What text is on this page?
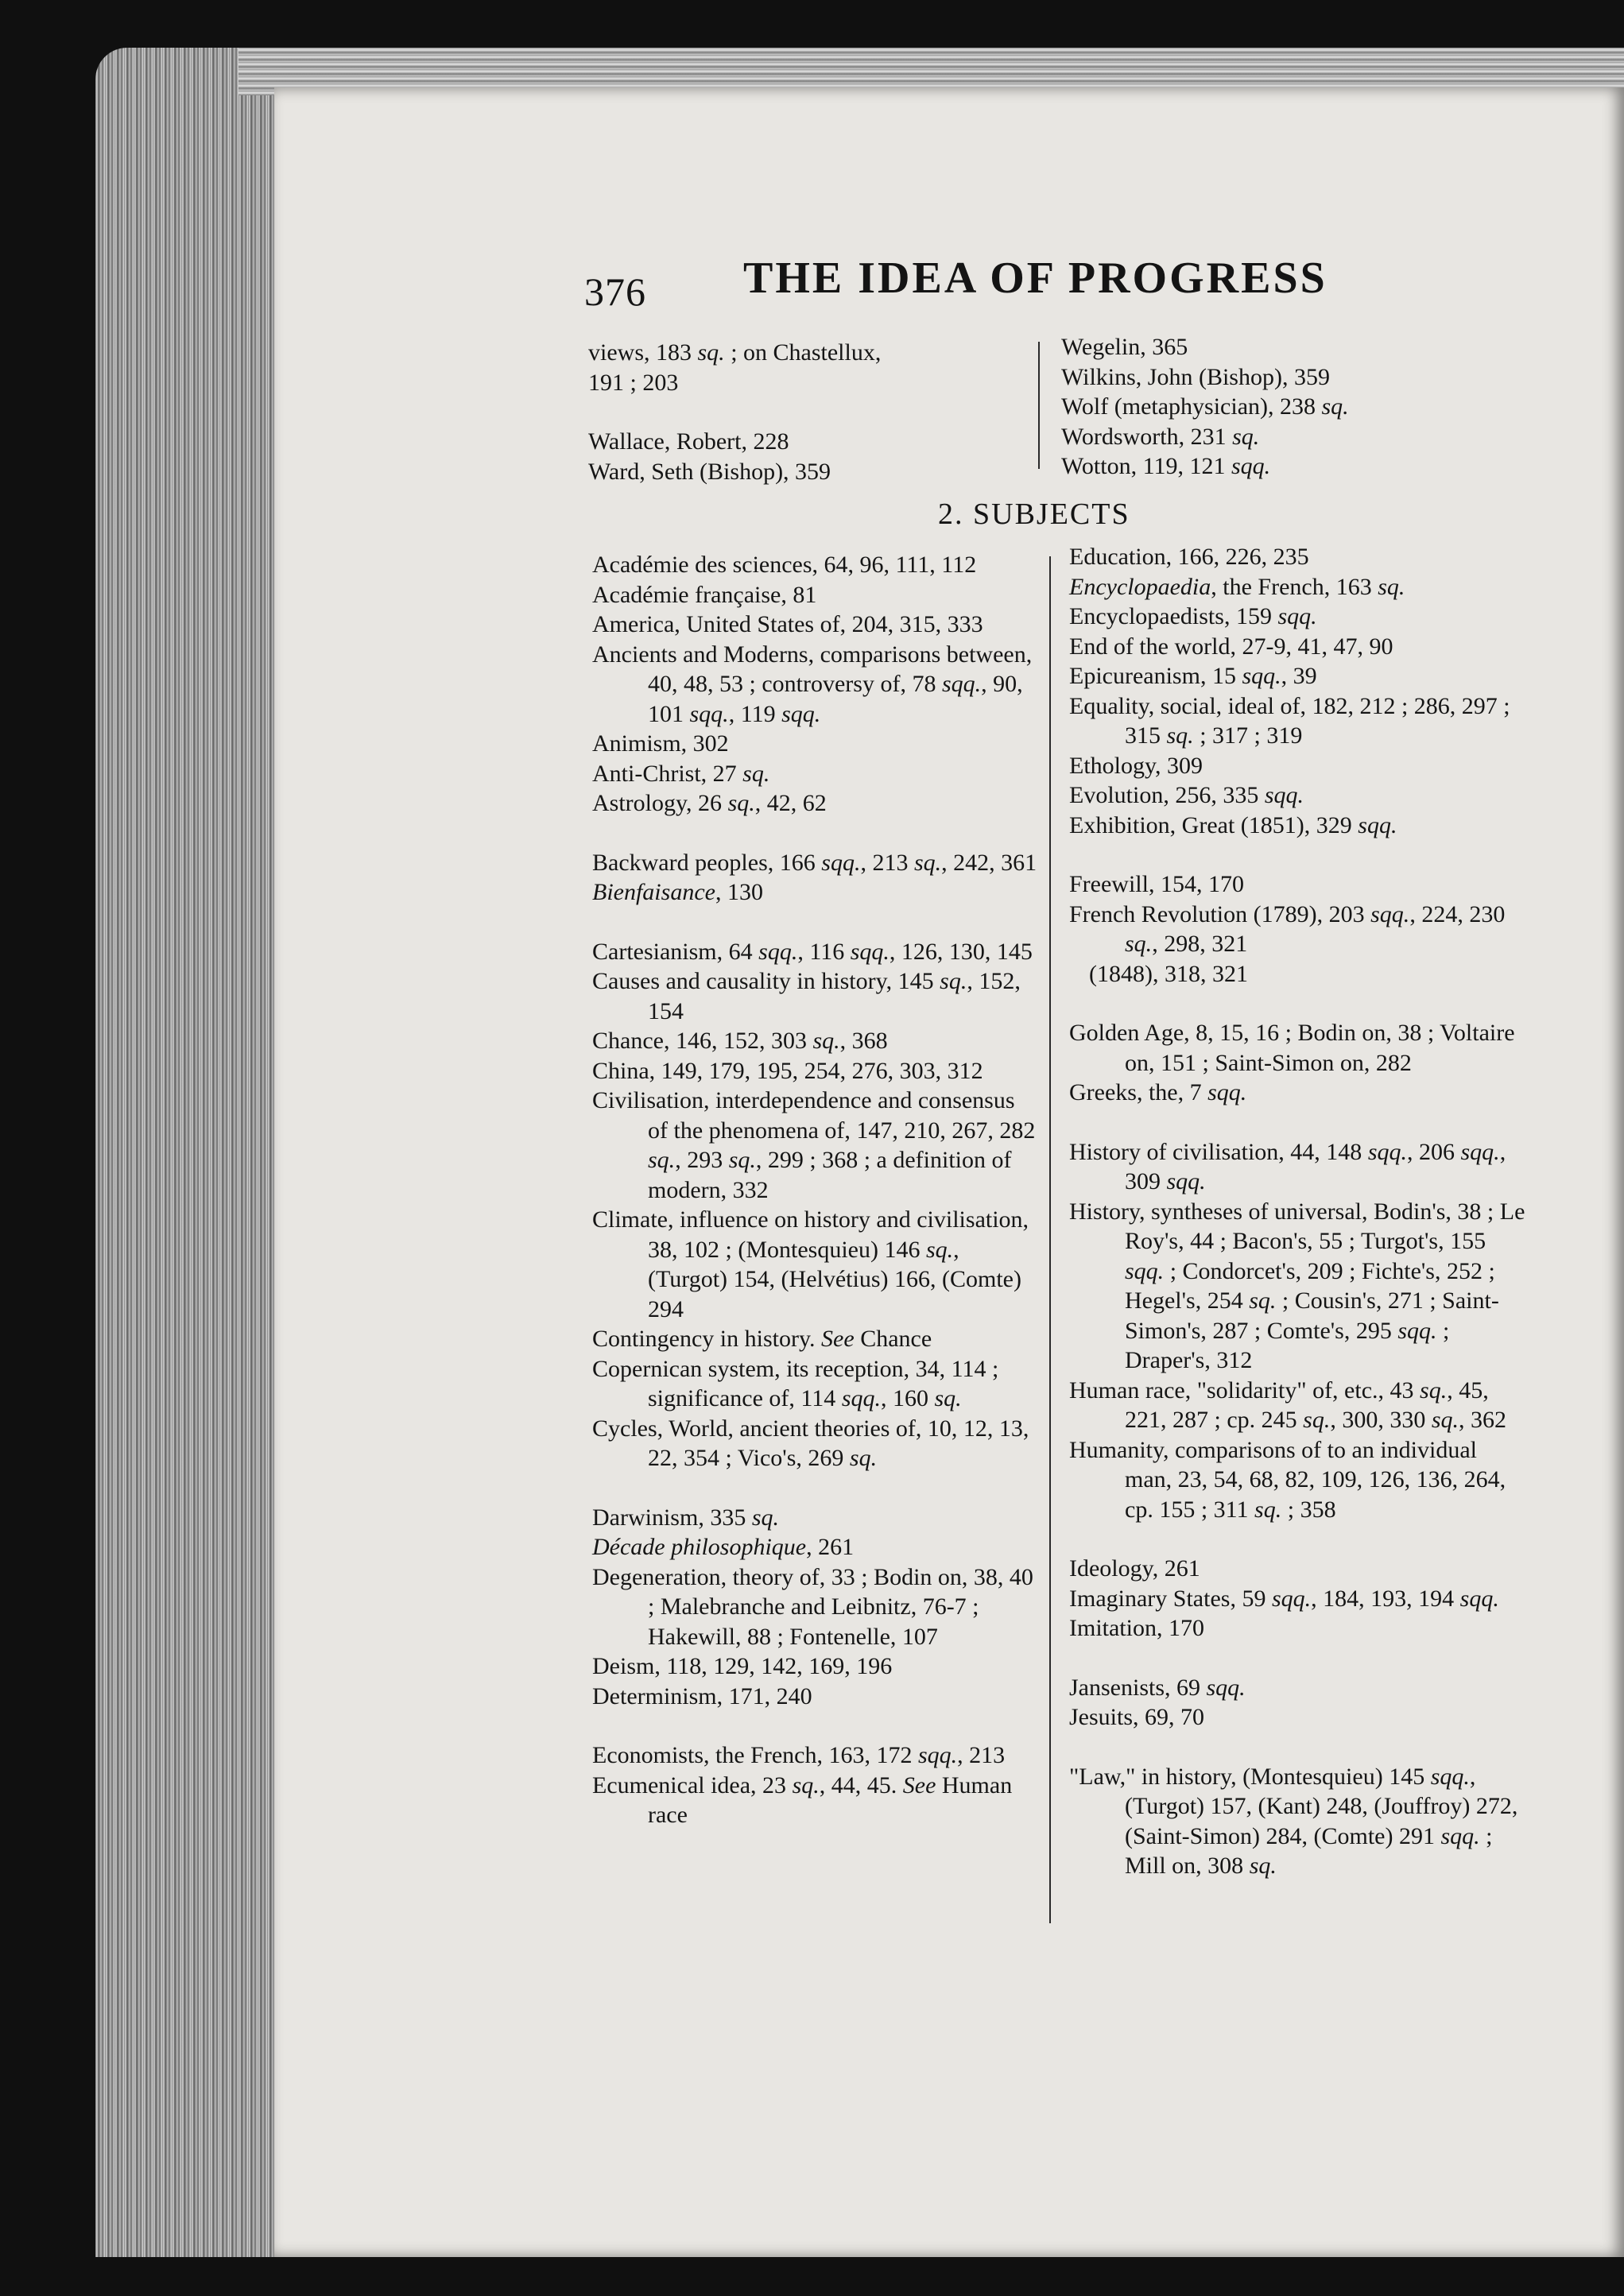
376 THE IDEA OF PROGRESS
views, 183 sq. ; on Chastellux,
191 ; 203
Wallace, Robert, 228
Ward, Seth (Bishop), 359
Wegelin, 365
Wilkins, John (Bishop), 359
Wolf (metaphysician), 238 sq.
Wordsworth, 231 sq.
Wotton, 119, 121 sqq.
2. SUBJECTS
Académie des sciences, 64, 96, 111, 112
Académie française, 81
America, United States of, 204, 315, 333
Ancients and Moderns, comparisons between, 40, 48, 53 ; controversy of, 78 sqq., 90, 101 sqq., 119 sqq.
Animism, 302
Anti-Christ, 27 sq.
Astrology, 26 sq., 42, 62
Backward peoples, 166 sqq., 213 sq., 242, 361
Bienfaisance, 130
Cartesianism, 64 sqq., 116 sqq., 126, 130, 145
Causes and causality in history, 145 sq., 152, 154
Chance, 146, 152, 303 sq., 368
China, 149, 179, 195, 254, 276, 303, 312
Civilisation, interdependence and consensus of the phenomena of, 147, 210, 267, 282 sq., 293 sq., 299 ; 368 ; a definition of modern, 332
Climate, influence on history and civilisation, 38, 102 ; (Montesquieu) 146 sq., (Turgot) 154, (Helvétius) 166, (Comte) 294
Contingency in history. See Chance
Copernican system, its reception, 34, 114 ; significance of, 114 sqq., 160 sq.
Cycles, World, ancient theories of, 10, 12, 13, 22, 354 ; Vico's, 269 sq.
Darwinism, 335 sq.
Décade philosophique, 261
Degeneration, theory of, 33 ; Bodin on, 38, 40 ; Malebranche and Leibnitz, 76-7 ; Hakewill, 88 ; Fontenelle, 107
Deism, 118, 129, 142, 169, 196
Determinism, 171, 240
Economists, the French, 163, 172 sqq., 213
Ecumenical idea, 23 sq., 44, 45. See Human race
Education, 166, 226, 235
Encyclopaedia, the French, 163 sq.
Encyclopaedists, 159 sqq.
End of the world, 27-9, 41, 47, 90
Epicureanism, 15 sqq., 39
Equality, social, ideal of, 182, 212 ; 286, 297 ; 315 sq. ; 317 ; 319
Ethology, 309
Evolution, 256, 335 sqq.
Exhibition, Great (1851), 329 sqq.
Freewill, 154, 170
French Revolution (1789), 203 sqq., 224, 230 sq., 298, 321
(1848), 318, 321
Golden Age, 8, 15, 16 ; Bodin on, 38 ; Voltaire on, 151 ; Saint-Simon on, 282
Greeks, the, 7 sqq.
History of civilisation, 44, 148 sqq., 206 sqq., 309 sqq.
History, syntheses of universal, Bodin's, 38 ; Le Roy's, 44 ; Bacon's, 55 ; Turgot's, 155 sqq. ; Condorcet's, 209 ; Fichte's, 252 ; Hegel's, 254 sq. ; Cousin's, 271 ; Saint-Simon's, 287 ; Comte's, 295 sqq. ; Draper's, 312
Human race, "solidarity" of, etc., 43 sq., 45, 221, 287 ; cp. 245 sq., 300, 330 sq., 362
Humanity, comparisons of to an individual man, 23, 54, 68, 82, 109, 126, 136, 264, cp. 155 ; 311 sq. ; 358
Ideology, 261
Imaginary States, 59 sqq., 184, 193, 194 sqq.
Imitation, 170
Jansenists, 69 sqq.
Jesuits, 69, 70
"Law," in history, (Montesquieu) 145 sqq., (Turgot) 157, (Kant) 248, (Jouffroy) 272, (Saint-Simon) 284, (Comte) 291 sqq. ; Mill on, 308 sq.
